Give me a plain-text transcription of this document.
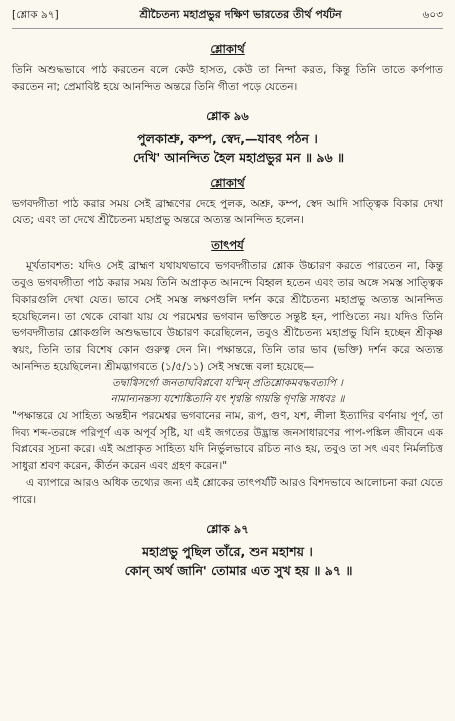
[শ্লোক ৯৭]	শ্রীচৈতন্য মহাপ্রভুর দক্ষিণ ভারতের তীর্থ পর্যটন	৬০৩
শ্লোকার্থ
তিনি অশুদ্ধভাবে পাঠ করতেন বলে কেউ হাসত, কেউ তা নিন্দা করত, কিন্তু তিনি তাতে কর্ণপাত করতেন না; প্রেমাবিষ্ট হয়ে আনন্দিত অন্তরে তিনি গীতা পড়ে যেতেন।
শ্লোক ৯৬
পুলকাশ্রু, কম্প, স্বেদ,—যাবৎ পঠন ।
দেখি' আনন্দিত হৈল মহাপ্রভুর মন ॥ ৯৬ ॥
শ্লোকার্থ
ভগবদ্গীতা পাঠ করার সময় সেই ব্রাহ্মণের দেহে পুলক, অশ্রু, কম্প, স্বেদ আদি সাত্ত্বিক বিকার দেখা যেত; এবং তা দেখে শ্রীচৈতন্য মহাপ্রভু অন্তরে অত্যন্ত আনন্দিত হলেন।
তাৎপর্য
মূর্খতাবশত: যদিও সেই ব্রাহ্মণ যথাযথভাবে ভগবদ্গীতার শ্লোক উচ্চারণ করতে পারতেন না, কিন্তু তবুও ভগবদ্গীতা পাঠ করার সময় তিনি অপ্রাকৃত আনন্দে বিহ্বল হতেন এবং তার অঙ্গে সমস্ত সাত্ত্বিক বিকারগুলি দেখা যেত। ভাবে সেই সমস্ত লক্ষণগুলি দর্শন করে শ্রীচৈতন্য মহাপ্রভু অত্যন্ত আনন্দিত হয়েছিলেন। তা থেকে বোঝা যায় যে পরমেশ্বর ভগবান ভক্তিতে সন্তুষ্ট হন, পাণ্ডিত্যে নয়। যদিও তিনি ভগবদ্গীতার শ্লোকগুলি অশুদ্ধভাবে উচ্চারণ করেছিলেন, তবুও শ্রীচৈতন্য মহাপ্রভু যিনি হচ্ছেন শ্রীকৃষ্ণ স্বয়ং, তিনি তার বিশেষ কোন গুরুত্ব দেন নি। পক্ষান্তরে, তিনি তার ভাব (ভক্তি) দর্শন করে অত্যন্ত আনন্দিত হয়েছিলেন। শ্রীমদ্ভাগবতে (১/৫/১১) সেই সম্বন্ধে বলা হয়েছে—
তদ্বাগ্বিসর্গো জনতাঘবিপ্লবো যস্মিন্ প্রতিশ্লোকমবদ্ধবত্যপি ।
নামান্যনন্তস্য যশোঙ্কিতানি যৎ শৃণ্বন্তি গায়ন্তি গৃণন্তি সাধবঃ ॥
"পক্ষান্তরে যে সাহিত্য অন্তহীন পরমেশ্বর ভগবানের নাম, রূপ, গুণ, যশ, লীলা ইত্যাদির বর্ণনায় পূর্ণ, তা দিব্য শব্দ-তরঙ্গে পরিপূর্ণ এক অপূর্ব সৃষ্টি, যা এই জগতের উদ্ভ্রান্ত জনসাধারণের পাপ-পঙ্কিল জীবনে এক বিপ্লবের সূচনা করে। এই অপ্রাকৃত সাহিত্য যদি নির্ভুলভাবে রচিত নাও হয়, তবুও তা সৎ এবং নির্মলচিত্ত সাধুরা শ্রবণ করেন, কীর্তন করেন এবং গ্রহণ করেন।"
এ ব্যাপারে আরও অধিক তথ্যের জন্য এই শ্লোকের তাৎপর্যটি আরও বিশদভাবে আলোচনা করা যেতে পারে।
শ্লোক ৯৭
মহাপ্রভু পুছিল তাঁরে, শুন মহাশয় ।
কোন্ অর্থ জানি' তোমার এত সুখ হয় ॥ ৯৭ ॥
